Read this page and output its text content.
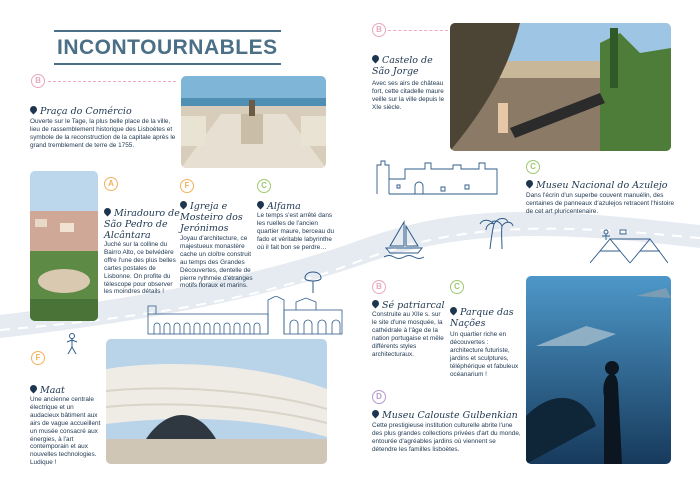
INCONTOURNABLES
B
Praça do Comércio
Ouverte sur le Tage, la plus belle place de la ville, lieu de rassemblement historique des Lisboètes et symbole de la reconstruction de la capitale après le grand tremblement de terre de 1755.
A
Miradouro de São Pedro de Alcântara
Juché sur la colline du Bairro Alto, ce belvédère offre l'une des plus belles cartes postales de Lisbonne. On profite du télescope pour observer les moindres détails !
F
Igreja e Mosteiro dos Jerónimos
Joyau d'architecture, ce majestueux monastère cache un cloître construit au temps des Grandes Découvertes, dentelle de pierre rythmée d'étranges motifs floraux et marins.
C
Alfama
Le temps s'est arrêté dans les ruelles de l'ancien quartier maure, berceau du fado et véritable labyrinthe où il fait bon se perdre…
F
Maat
Une ancienne centrale électrique et un audacieux bâtiment aux airs de vague accueillent un musée consacré aux énergies, à l'art contemporain et aux nouvelles technologies. Ludique !
B
Castelo de São Jorge
Avec ses airs de château fort, cette citadelle maure veille sur la ville depuis le XIe siècle.
C
Museu Nacional do Azulejo
Dans l'écrin d'un superbe couvent manuélin, des centaines de panneaux d'azulejos retracent l'histoire de cet art pluricentenaire.
B
Sé patriarcal
Construite au XIIe s. sur le site d'une mosquée, la cathédrale à l'âge de la nation portugaise et mêle différents styles architecturaux.
C
Parque das Nações
Un quartier riche en découvertes : architecture futuriste, jardins et sculptures, téléphérique et fabuleux océanarium !
D
Museu Calouste Gulbenkian
Cette prestigieuse institution culturelle abrite l'une des plus grandes collections privées d'art du monde, entourée d'agréables jardins où viennent se détendre les familles lisboètes.
